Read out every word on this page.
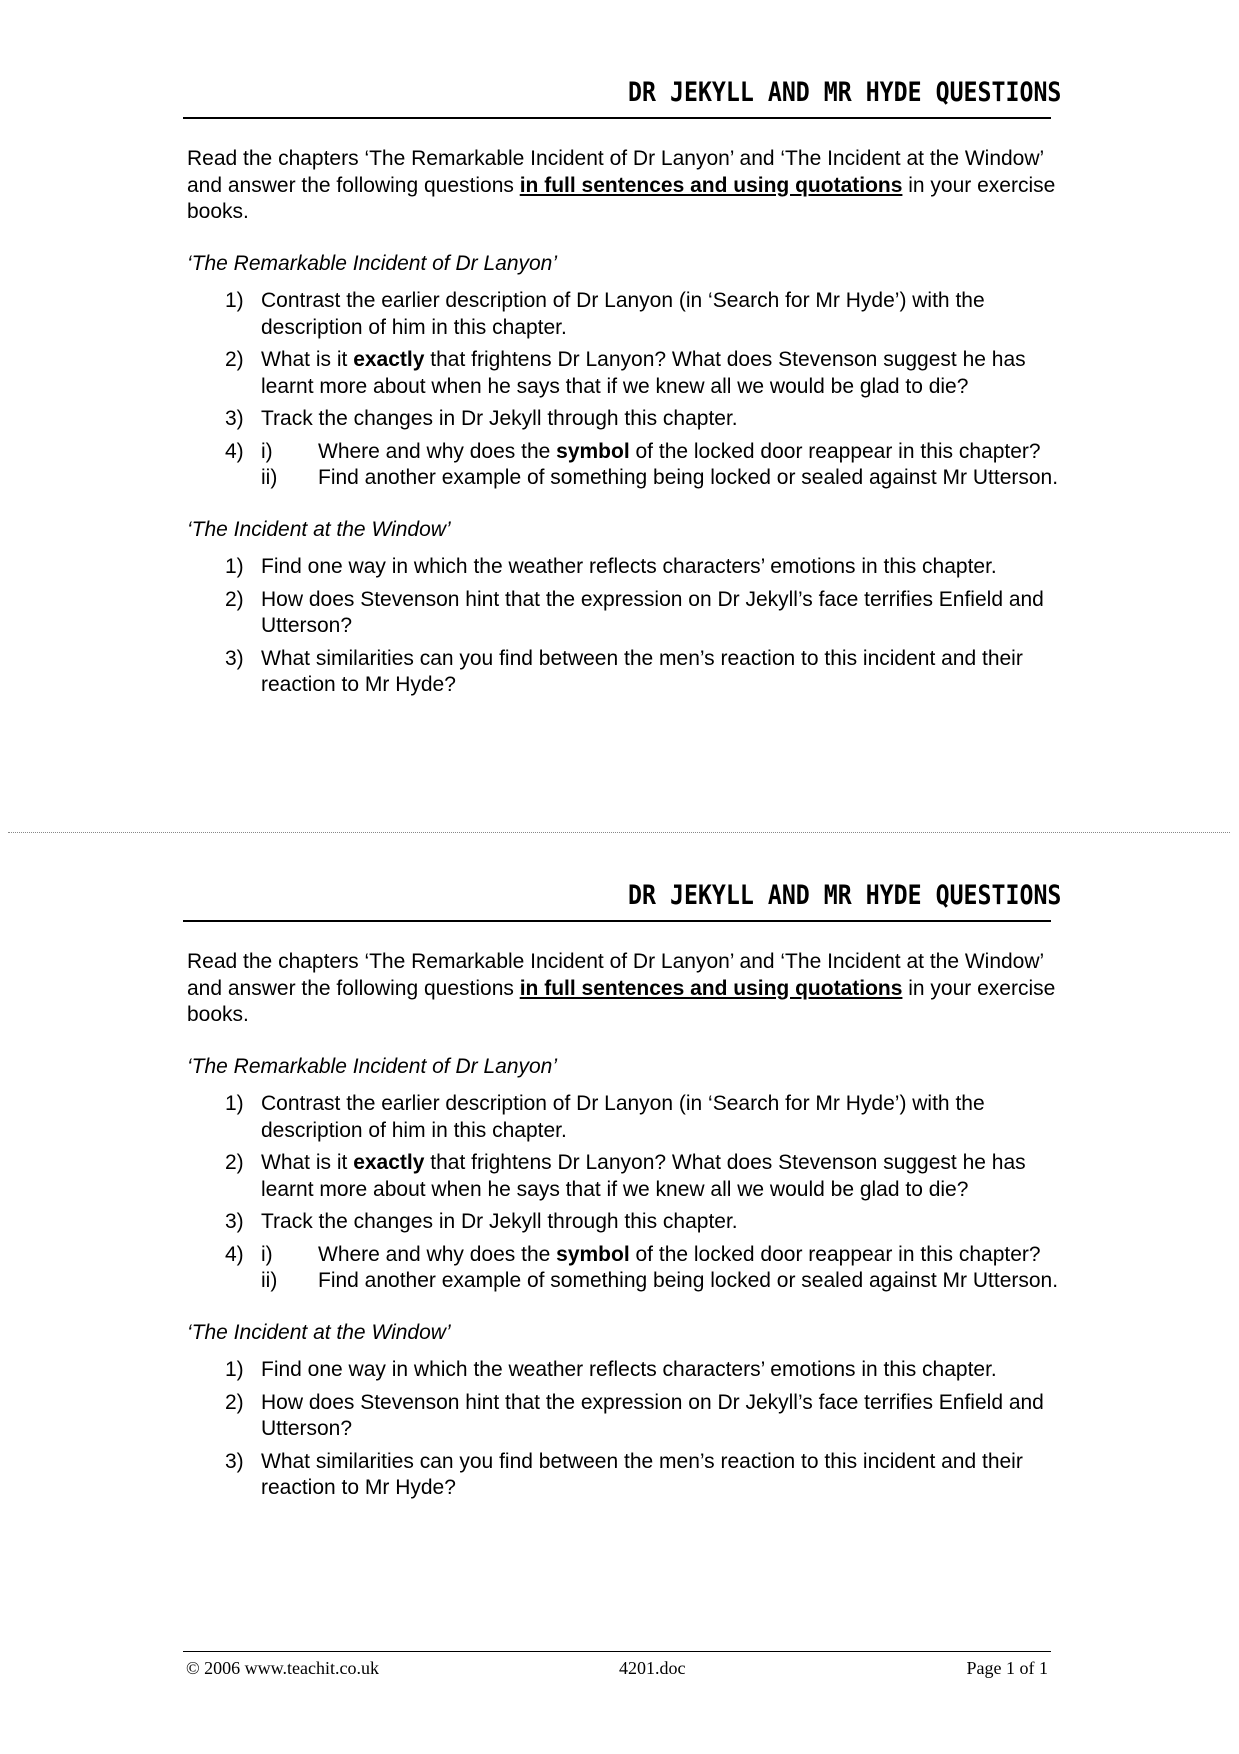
DR JEKYLL AND MR HYDE QUESTIONS

Read the chapters ‘The Remarkable Incident of Dr Lanyon’ and ‘The Incident at the Window’ and answer the following questions in full sentences and using quotations in your exercise books.

‘The Remarkable Incident of Dr Lanyon’
1) Contrast the earlier description of Dr Lanyon (in ‘Search for Mr Hyde’) with the description of him in this chapter.
2) What is it exactly that frightens Dr Lanyon? What does Stevenson suggest he has learnt more about when he says that if we knew all we would be glad to die?
3) Track the changes in Dr Jekyll through this chapter.
4) i) Where and why does the symbol of the locked door reappear in this chapter?
ii) Find another example of something being locked or sealed against Mr Utterson.
‘The Incident at the Window’
1) Find one way in which the weather reflects characters’ emotions in this chapter.
2) How does Stevenson hint that the expression on Dr Jekyll’s face terrifies Enfield and Utterson?
3) What similarities can you find between the men’s reaction to this incident and their reaction to Mr Hyde?
DR JEKYLL AND MR HYDE QUESTIONS

Read the chapters ‘The Remarkable Incident of Dr Lanyon’ and ‘The Incident at the Window’ and answer the following questions in full sentences and using quotations in your exercise books.

‘The Remarkable Incident of Dr Lanyon’
1) Contrast the earlier description of Dr Lanyon (in ‘Search for Mr Hyde’) with the description of him in this chapter.
2) What is it exactly that frightens Dr Lanyon? What does Stevenson suggest he has learnt more about when he says that if we knew all we would be glad to die?
3) Track the changes in Dr Jekyll through this chapter.
4) i) Where and why does the symbol of the locked door reappear in this chapter?
ii) Find another example of something being locked or sealed against Mr Utterson.
‘The Incident at the Window’
1) Find one way in which the weather reflects characters’ emotions in this chapter.
2) How does Stevenson hint that the expression on Dr Jekyll’s face terrifies Enfield and Utterson?
3) What similarities can you find between the men’s reaction to this incident and their reaction to Mr Hyde?
© 2006 www.teachit.co.uk	4201.doc	Page 1 of 1
